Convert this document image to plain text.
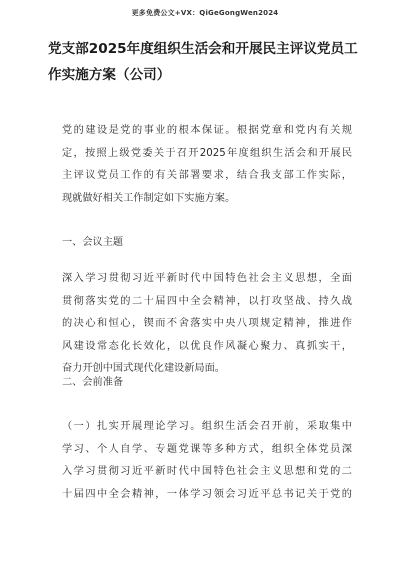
更多免费公文+VX：QiGeGongWen2024
党支部2025年度组织生活会和开展民主评议党员工
作实施方案（公司）
党的建设是党的事业的根本保证。根据党章和党内有关规
定，按照上级党委关于召开2025年度组织生活会和开展民
主评议党员工作的有关部署要求，结合我支部工作实际，
现就做好相关工作制定如下实施方案。
一、会议主题
深入学习贯彻习近平新时代中国特色社会主义思想，全面
贯彻落实党的二十届四中全会精神，以打攻坚战、持久战
的决心和恒心，锲而不舍落实中央八项规定精神，推进作
风建设常态化长效化，以优良作风凝心聚力、真抓实干，
奋力开创中国式现代化建设新局面。
二、会前准备
（一）扎实开展理论学习。组织生活会召开前，采取集中
学习、个人自学、专题党课等多种方式，组织全体党员深
入学习贯彻习近平新时代中国特色社会主义思想和党的二
十届四中全会精神，一体学习领会习近平总书记关于党的
